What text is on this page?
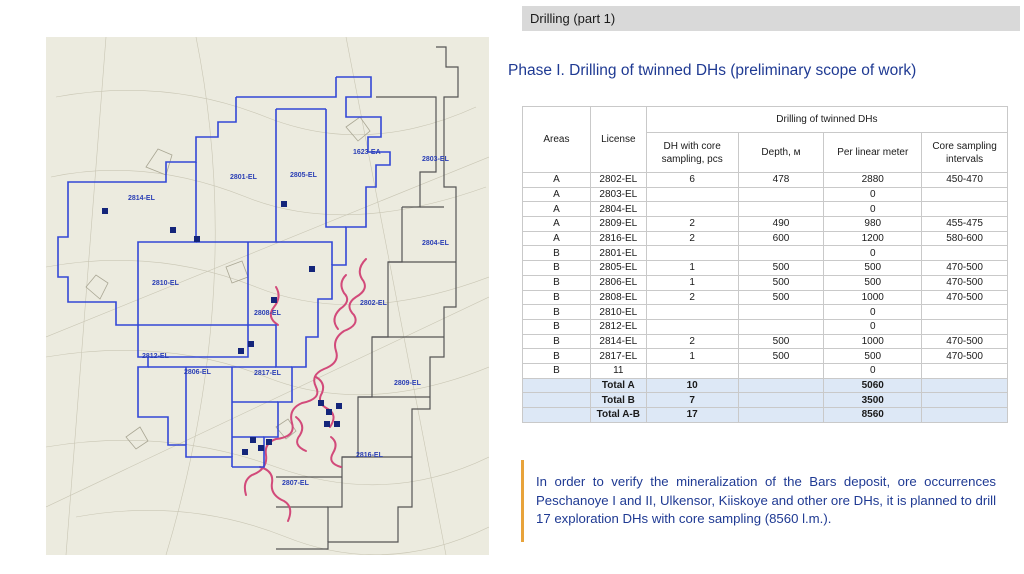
Drilling (part 1)
Phase I. Drilling of twinned DHs (preliminary scope of work)
2814-EL
2801-EL	2805-EL
1623-EA
2803-EL
2804-EL
2810-EL
2808-EL
2802-EL
2812-EL
2806-EL	2817-EL
2809-EL
2816-EL
2807-EL
Areas	License	Drilling of twinned DHs			
		DH with core sampling, pcs	Depth, м	Per linear meter	Core sampling intervals
A	2802-EL	6	478	2880	450-470
A	2803-EL			0	
A	2804-EL			0	
A	2809-EL	2	490	980	455-475
A	2816-EL	2	600	1200	580-600
B	2801-EL			0	
B	2805-EL	1	500	500	470-500
B	2806-EL	1	500	500	470-500
B	2808-EL	2	500	1000	470-500
B	2810-EL			0	
B	2812-EL			0	
B	2814-EL	2	500	1000	470-500
B	2817-EL	1	500	500	470-500
B	11			0	
	Total A	10		5060	
	Total B	7		3500	
	Total A-B	17		8560	
In order to verify the mineralization of the Bars deposit, ore occurrences Peschanoye I and II, Ulkensor, Kiiskoye and other ore DHs, it is planned to drill 17 exploration DHs with core sampling (8560 l.m.).
